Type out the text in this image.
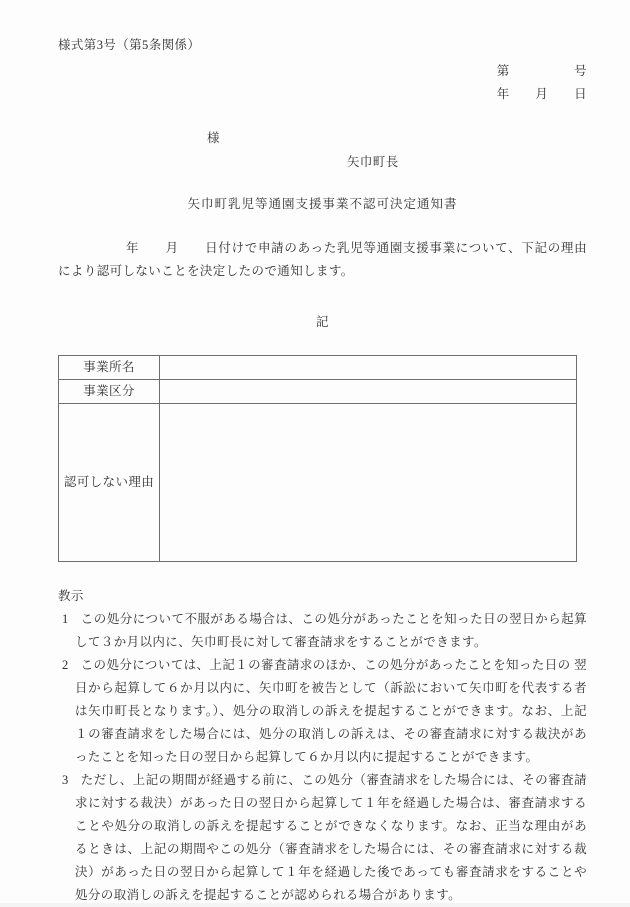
様式第3号（第5条関係）

第　　　　　号

年　　月　　日

様

矢巾町長

矢巾町乳児等通園支援事業不認可決定通知書

年　　月　　日付けで申請のあった乳児等通園支援事業について、下記の理由により認可しないことを決定したので通知します。

記

事業所名	
事業区分	
認可しない理由	

教示

1 この処分について不服がある場合は、この処分があったことを知った日の翌日から起算して３か月以内に、矢巾町長に対して審査請求をすることができます。

2 この処分については、上記１の審査請求のほか、この処分があったことを知った日の 翌日から起算して６か月以内に、矢巾町を被告として（訴訟において矢巾町を代表する者は矢巾町長となります。）、処分の取消しの訴えを提起することができます。なお、上記１の審査請求をした場合には、処分の取消しの訴えは、その審査請求に対する裁決があったことを知った日の翌日から起算して６か月以内に提起することができます。

3 ただし、上記の期間が経過する前に、この処分（審査請求をした場合には、その審査請求に対する裁決）があった日の翌日から起算して１年を経過した場合は、審査請求することや処分の取消しの訴えを提起することができなくなります。なお、正当な理由があるときは、上記の期間やこの処分（審査請求をした場合には、その審査請求に対する裁決）があった日の翌日から起算して１年を経過した後であっても審査請求をすることや処分の取消しの訴えを提起することが認められる場合があります。
